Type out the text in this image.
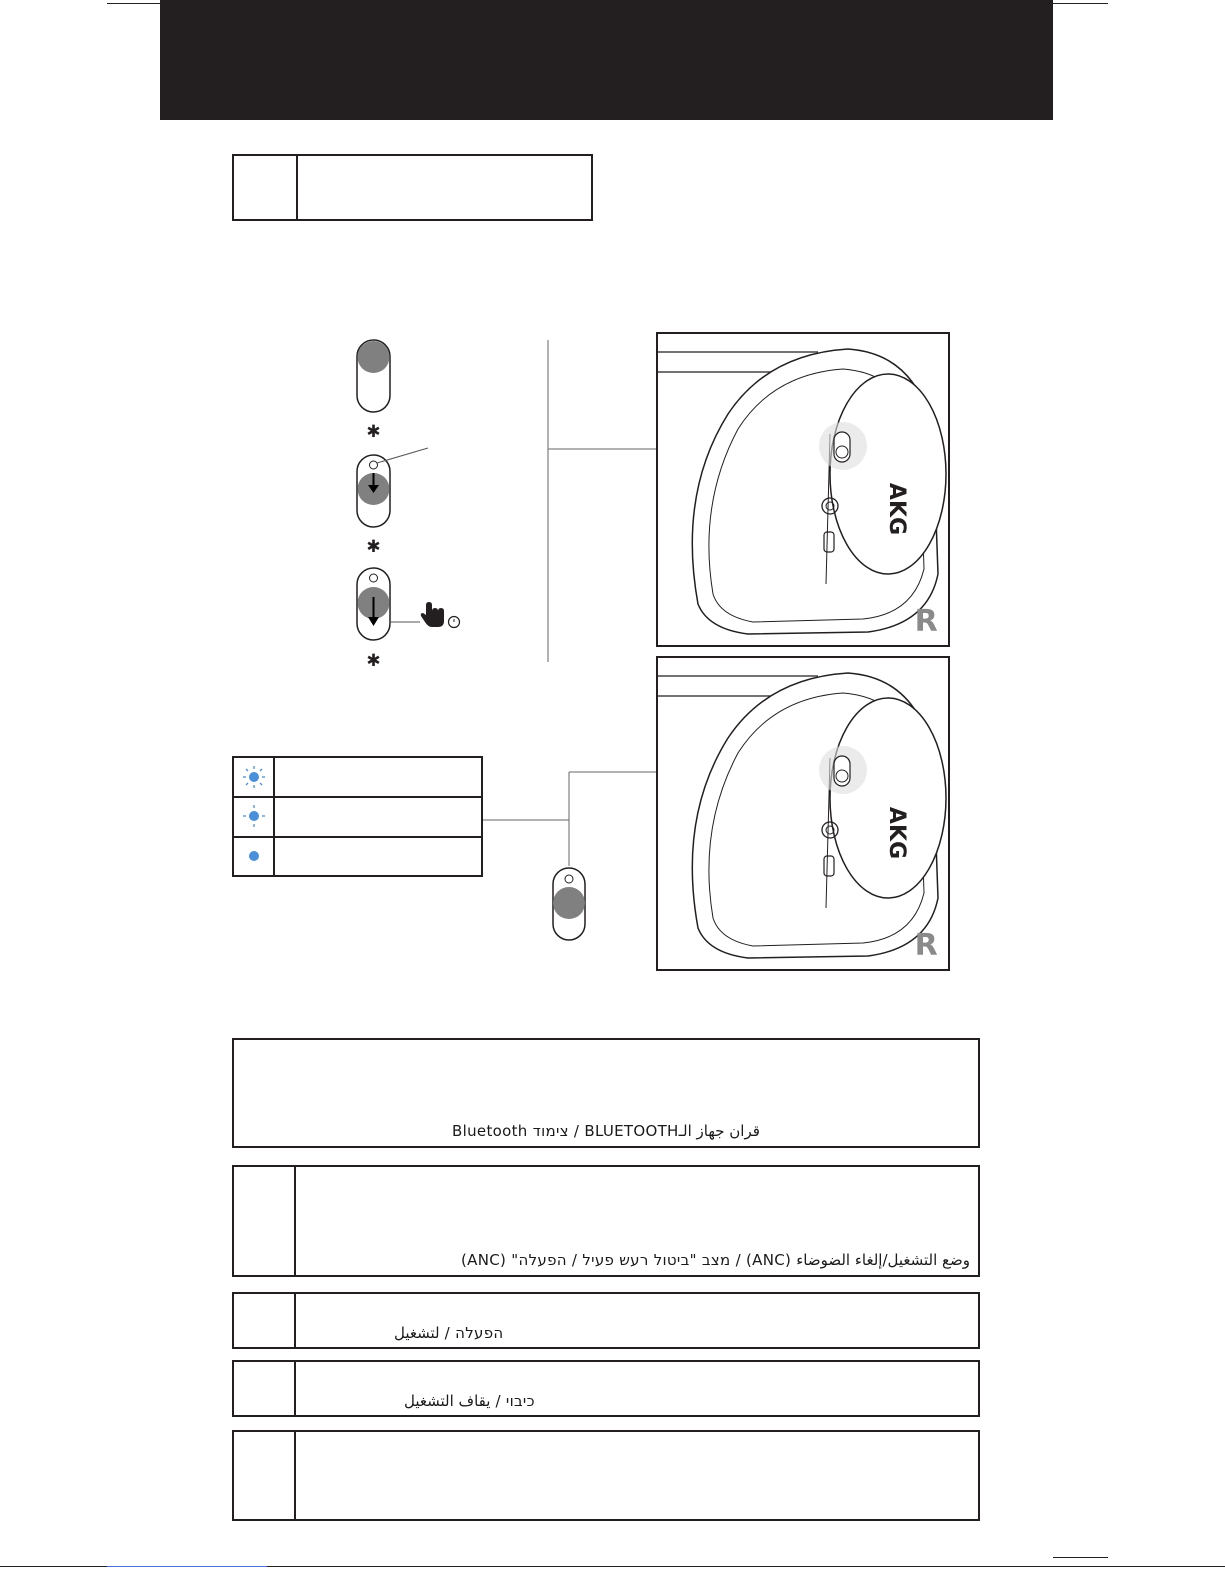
✱
✱
✱
AKG
R
AKG
R
Bluetooth צימוד / BLUETOOTHقران جهاز الـ
(ANC) "מצב "ביטול רעש פעיל / הפעלה / (ANC) وضع التشغيل/إلغاء الضوضاء
הפעלה / لتشغيل
כיבוי / يقاف التشغيل
